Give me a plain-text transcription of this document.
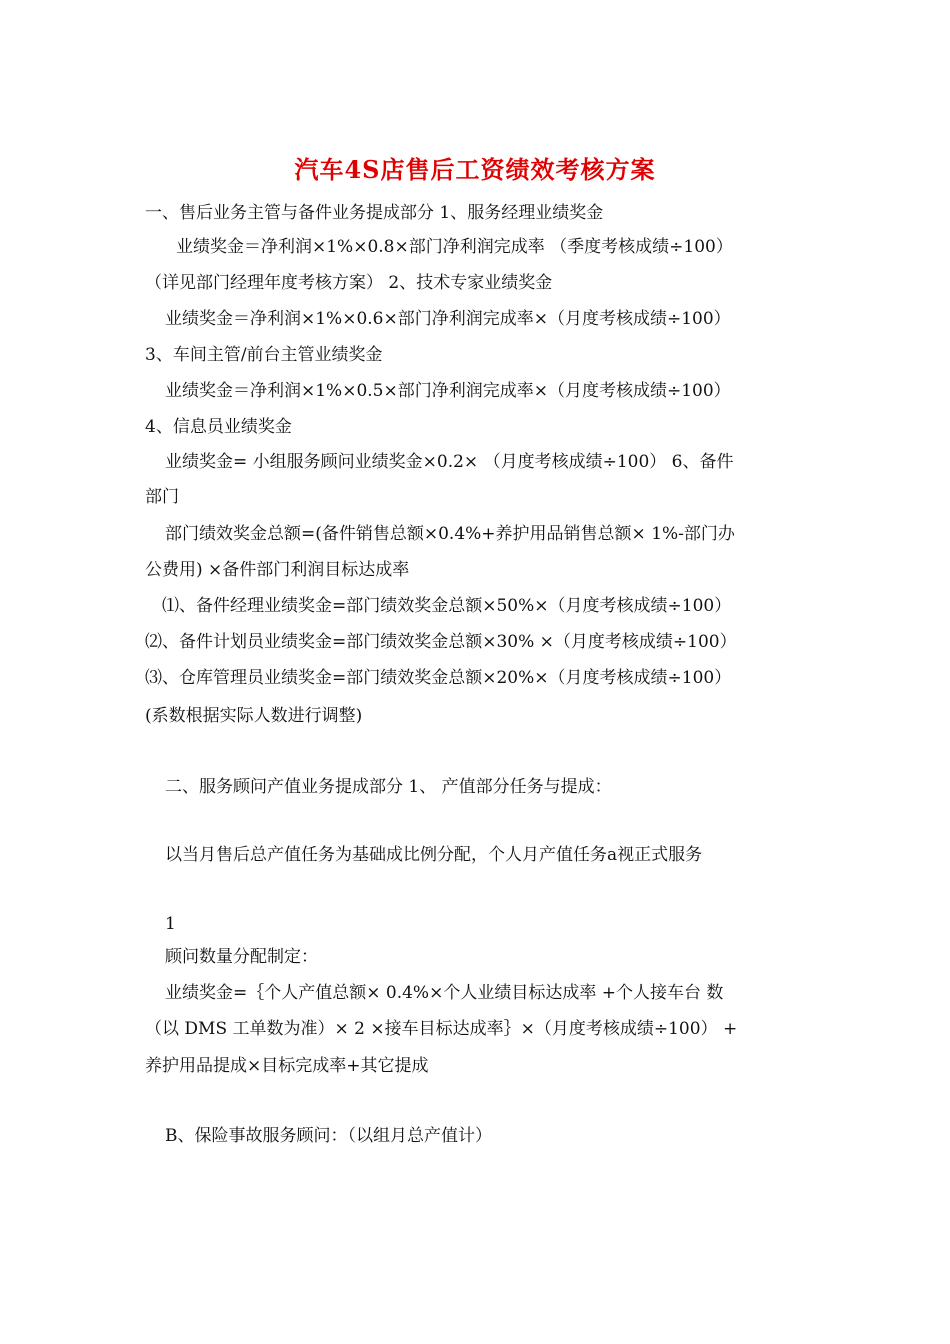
汽车4S店售后工资绩效考核方案
一、售后业务主管与备件业务提成部分 1、服务经理业绩奖金
业绩奖金＝净利润×1%×0.8×部门净利润完成率 （季度考核成绩÷100）
（详见部门经理年度考核方案） 2、技术专家业绩奖金
业绩奖金＝净利润×1%×0.6×部门净利润完成率×（月度考核成绩÷100）
3、车间主管/前台主管业绩奖金
业绩奖金＝净利润×1%×0.5×部门净利润完成率×（月度考核成绩÷100）
4、信息员业绩奖金
业绩奖金= 小组服务顾问业绩奖金×0.2× （月度考核成绩÷100） 6、备件
部门
部门绩效奖金总额=(备件销售总额×0.4%+养护用品销售总额× 1%-部门办
公费用) ×备件部门利润目标达成率
⑴、备件经理业绩奖金=部门绩效奖金总额×50%×（月度考核成绩÷100）
⑵、备件计划员业绩奖金=部门绩效奖金总额×30% ×（月度考核成绩÷100）
⑶、仓库管理员业绩奖金=部门绩效奖金总额×20%×（月度考核成绩÷100）
(系数根据实际人数进行调整)
二、服务顾问产值业务提成部分 1、 产值部分任务与提成：
以当月售后总产值任务为基础成比例分配，个人月产值任务a视正式服务
1
顾问数量分配制定：
业绩奖金=｛个人产值总额× 0.4%×个人业绩目标达成率 +个人接车台 数
（以 DMS 工单数为准）× 2 ×接车目标达成率｝×（月度考核成绩÷100） +
养护用品提成×目标完成率+其它提成
B、保险事故服务顾问：（以组月总产值计）
